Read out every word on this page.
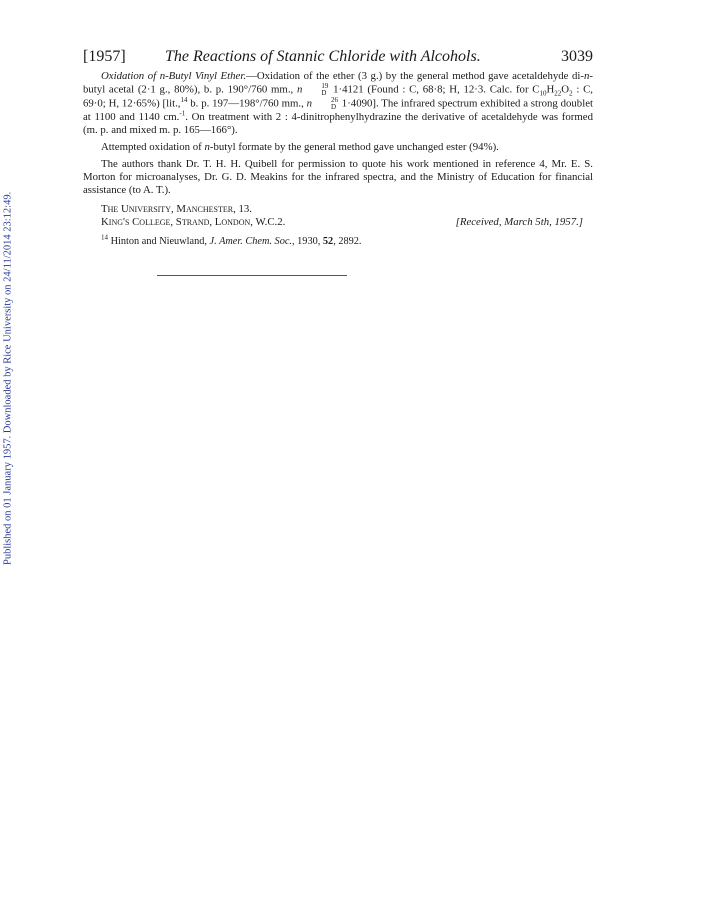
Published on 01 January 1957. Downloaded by Rice University on 24/11/2014 23:12:49.
[1957] The Reactions of Stannic Chloride with Alcohols.	3039

Oxidation of n-Butyl Vinyl Ether.—Oxidation of the ether (3 g.) by the general method gave acetaldehyde di-n-butyl acetal (2·1 g., 80%), b. p. 190°/760 mm., n	19
D 1·4121 (Found : C, 68·8; H, 12·3. Calc. for $C_{10}H_{22}O_2$ : C, 69·0; H, 12·65%) [lit.,$^{14}$ b. p. 197—198°/760 mm., n	26
D 1·4090]. The infrared spectrum exhibited a strong doublet at 1100 and 1140 cm.$^{-1}$. On treatment with 2 : 4-dinitrophenylhydrazine the derivative of acetaldehyde was formed (m. p. and mixed m. p. 165—166°).

Attempted oxidation of n-butyl formate by the general method gave unchanged ester (94%).

The authors thank Dr. T. H. H. Quibell for permission to quote his work mentioned in reference 4, Mr. E. S. Morton for microanalyses, Dr. G. D. Meakins for the infrared spectra, and the Ministry of Education for financial assistance (to A. T.).

The University, Manchester, 13.
King's College, Strand, London, W.C.2.	[Received, March 5th, 1957.]
$^{14}$ Hinton and Nieuwland, J. Amer. Chem. Soc., 1930, 52, 2892.
